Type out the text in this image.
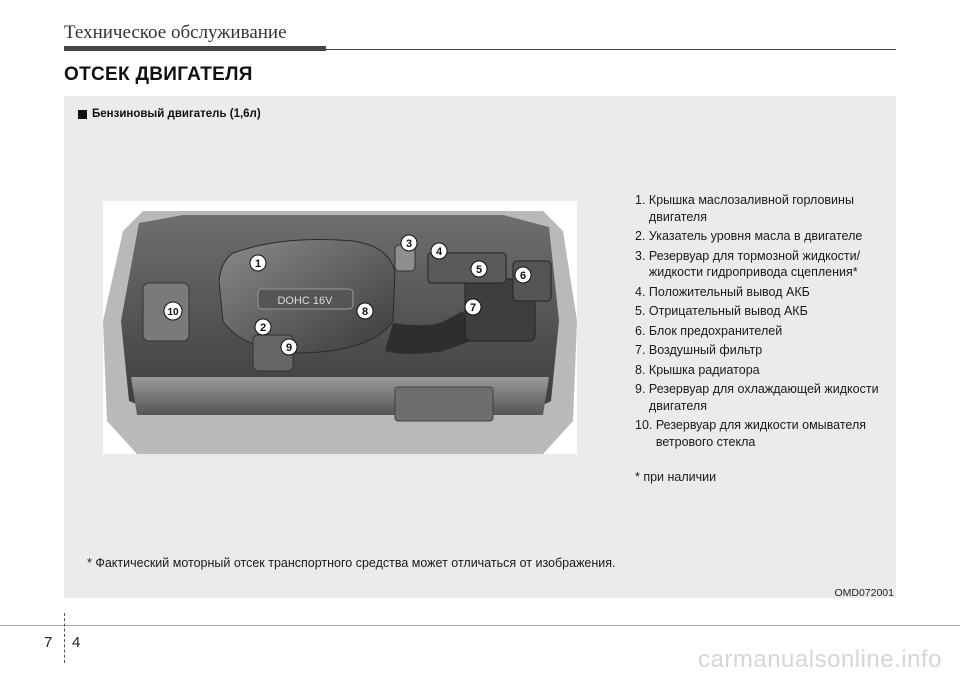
Техническое обслуживание
ОТСЕК ДВИГАТЕЛЯ
Бензиновый двигатель (1,6л)
DOHC 16V
1
2
3
4
5	6
7
8
9
10
1. Крышка маслозаливной горловины двигателя
2. Указатель уровня масла в двигателе
3. Резервуар для тормозной жидкости/жидкости гидропривода сцепления*
4. Положительный вывод АКБ
5. Отрицательный вывод АКБ
6. Блок предохранителей
7. Воздушный фильтр
8. Крышка радиатора
9. Резервуар для охлаждающей жидкости двигателя
10. Резервуар для жидкости омывателя ветрового стекла
* при наличии
* Фактический моторный отсек транспортного средства может отличаться от изображения.
OMD072001
7 4
carmanualsonline.info
